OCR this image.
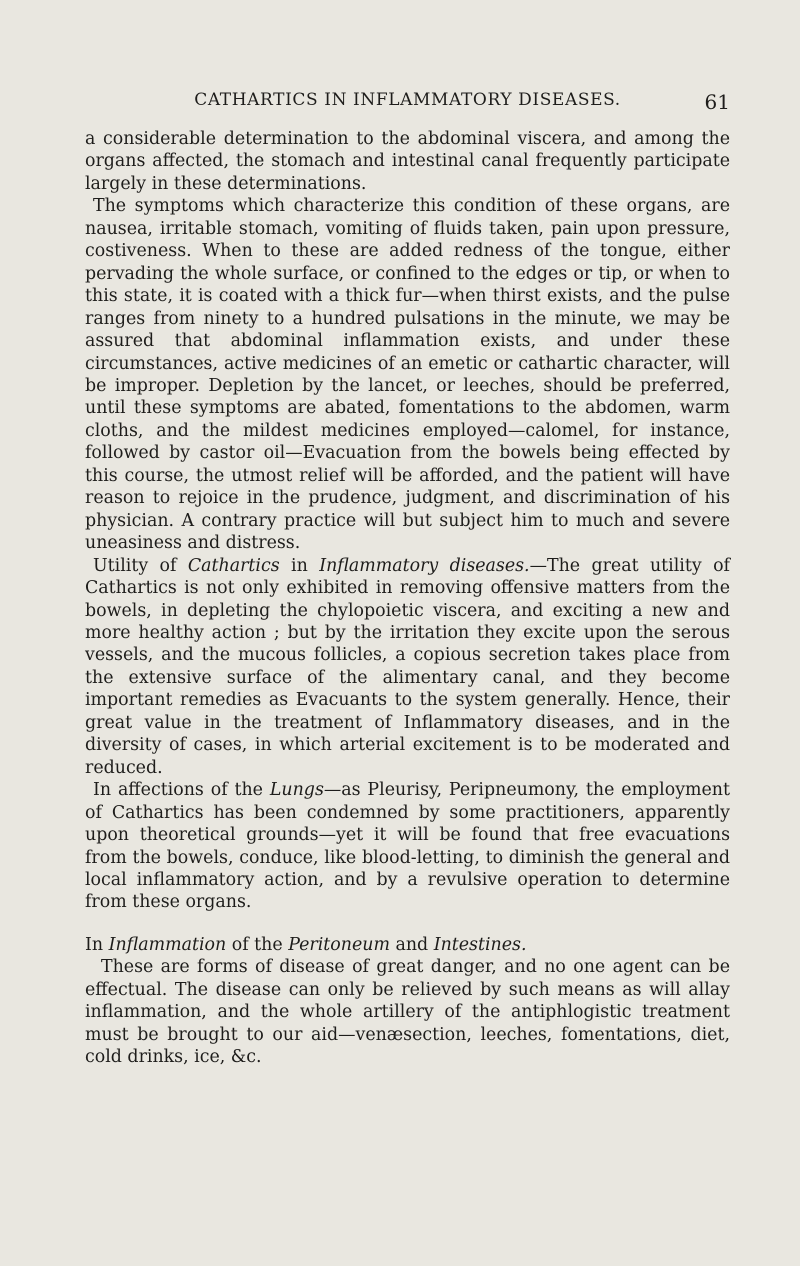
CATHARTICS IN INFLAMMATORY DISEASES.	61

a considerable determination to the abdominal viscera, and among the organs affected, the stomach and intestinal canal frequently participate largely in these determinations.

The symptoms which characterize this condition of these organs, are nausea, irritable stomach, vomiting of fluids taken, pain upon pressure, costiveness. When to these are added redness of the tongue, either pervading the whole surface, or confined to the edges or tip, or when to this state, it is coated with a thick fur—when thirst exists, and the pulse ranges from ninety to a hundred pulsations in the minute, we may be assured that abdominal inflammation exists, and under these circumstances, active medicines of an emetic or cathartic character, will be improper. Depletion by the lancet, or leeches, should be preferred, until these symptoms are abated, fomentations to the abdomen, warm cloths, and the mildest medicines employed—calomel, for instance, followed by castor oil—Evacuation from the bowels being effected by this course, the utmost relief will be afforded, and the patient will have reason to rejoice in the prudence, judgment, and discrimination of his physician. A contrary practice will but subject him to much and severe uneasiness and distress.

Utility of Cathartics in Inflammatory diseases.—The great utility of Cathartics is not only exhibited in removing offensive matters from the bowels, in depleting the chylopoietic viscera, and exciting a new and more healthy action ; but by the irritation they excite upon the serous vessels, and the mucous follicles, a copious secretion takes place from the extensive surface of the alimentary canal, and they become important remedies as Evacuants to the system generally. Hence, their great value in the treatment of Inflammatory diseases, and in the diversity of cases, in which arterial excitement is to be moderated and reduced.

In affections of the Lungs—as Pleurisy, Peripneumony, the employment of Cathartics has been condemned by some practitioners, apparently upon theoretical grounds—yet it will be found that free evacuations from the bowels, conduce, like blood-letting, to diminish the general and local inflammatory action, and by a revulsive operation to determine from these organs.

In Inflammation of the Peritoneum and Intestines.

These are forms of disease of great danger, and no one agent can be effectual. The disease can only be relieved by such means as will allay inflammation, and the whole artillery of the antiphlogistic treatment must be brought to our aid—venæsection, leeches, fomentations, diet, cold drinks, ice, &c.
